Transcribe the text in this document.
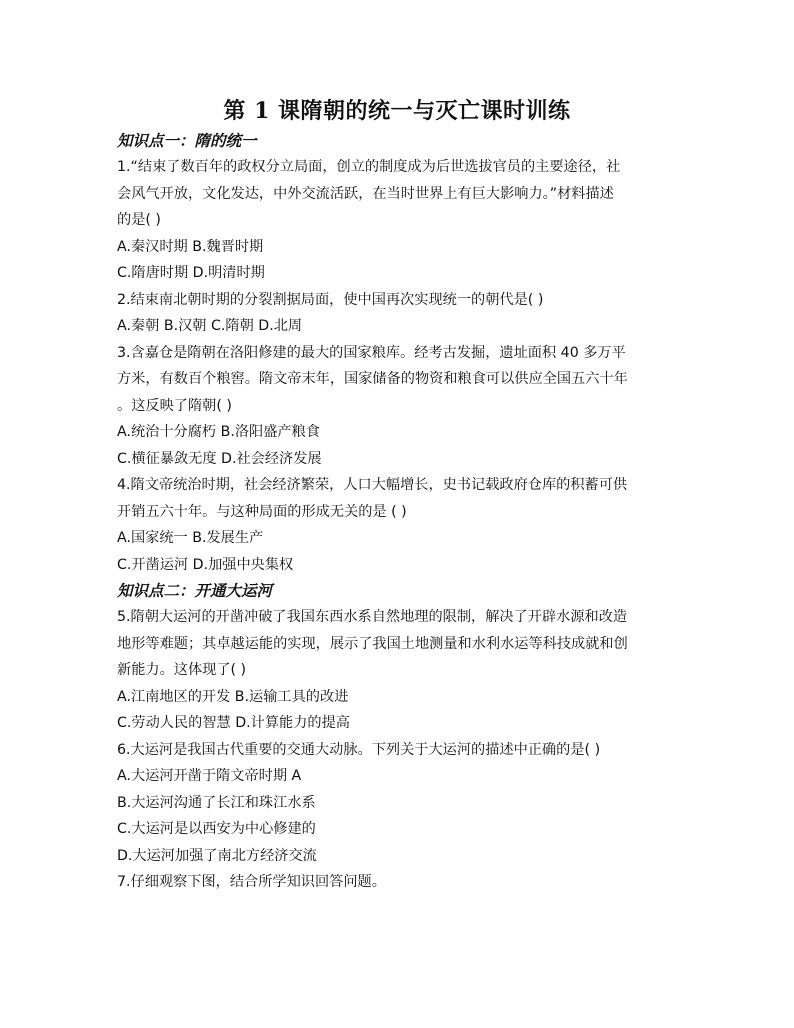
第 1 课隋朝的统一与灭亡课时训练

知识点一：隋的统一

1.“结束了数百年的政权分立局面，创立的制度成为后世选拔官员的主要途径，社

会风气开放，文化发达，中外交流活跃，在当时世界上有巨大影响力。”材料描述

的是( )

A.秦汉时期 B.魏晋时期

C.隋唐时期 D.明清时期

2.结束南北朝时期的分裂割据局面，使中国再次实现统一的朝代是( )

A.秦朝 B.汉朝 C.隋朝 D.北周

3.含嘉仓是隋朝在洛阳修建的最大的国家粮库。经考古发掘，遗址面积 40 多万平

方米，有数百个粮窖。隋文帝末年，国家储备的物资和粮食可以供应全国五六十年

。这反映了隋朝( )

A.统治十分腐朽 B.洛阳盛产粮食

C.横征暴敛无度 D.社会经济发展

4.隋文帝统治时期，社会经济繁荣，人口大幅增长，史书记载政府仓库的积蓄可供

开销五六十年。与这种局面的形成无关的是 ( )

A.国家统一 B.发展生产

C.开凿运河 D.加强中央集权

知识点二：开通大运河

5.隋朝大运河的开凿冲破了我国东西水系自然地理的限制，解决了开辟水源和改造

地形等难题；其卓越运能的实现，展示了我国土地测量和水利水运等科技成就和创

新能力。这体现了( )

A.江南地区的开发 B.运输工具的改进

C.劳动人民的智慧 D.计算能力的提高

6.大运河是我国古代重要的交通大动脉。下列关于大运河的描述中正确的是( )

A.大运河开凿于隋文帝时期 A

B.大运河沟通了长江和珠江水系

C.大运河是以西安为中心修建的

D.大运河加强了南北方经济交流

7.仔细观察下图，结合所学知识回答问题。
